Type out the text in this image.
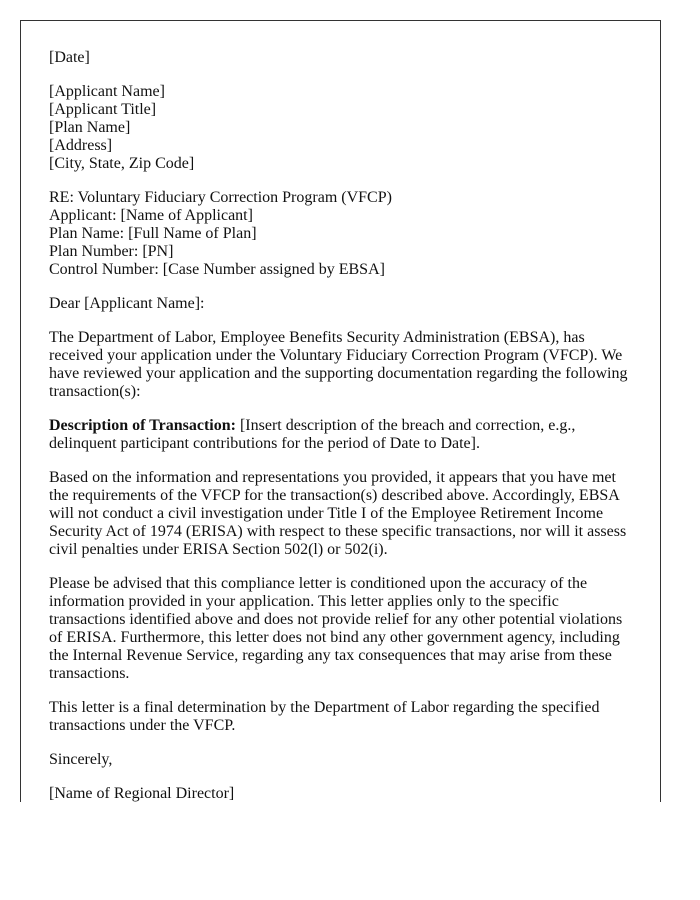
[Date]

[Applicant Name]
[Applicant Title]
[Plan Name]
[Address]
[City, State, Zip Code]

RE: Voluntary Fiduciary Correction Program (VFCP)
Applicant: [Name of Applicant]
Plan Name: [Full Name of Plan]
Plan Number: [PN]
Control Number: [Case Number assigned by EBSA]

Dear [Applicant Name]:

The Department of Labor, Employee Benefits Security Administration (EBSA), has received your application under the Voluntary Fiduciary Correction Program (VFCP). We have reviewed your application and the supporting documentation regarding the following transaction(s):

Description of Transaction: [Insert description of the breach and correction, e.g., delinquent participant contributions for the period of Date to Date].

Based on the information and representations you provided, it appears that you have met the requirements of the VFCP for the transaction(s) described above. Accordingly, EBSA will not conduct a civil investigation under Title I of the Employee Retirement Income Security Act of 1974 (ERISA) with respect to these specific transactions, nor will it assess civil penalties under ERISA Section 502(l) or 502(i).

Please be advised that this compliance letter is conditioned upon the accuracy of the information provided in your application. This letter applies only to the specific transactions identified above and does not provide relief for any other potential violations of ERISA. Furthermore, this letter does not bind any other government agency, including the Internal Revenue Service, regarding any tax consequences that may arise from these transactions.

This letter is a final determination by the Department of Labor regarding the specified transactions under the VFCP.

Sincerely,

[Name of Regional Director]
